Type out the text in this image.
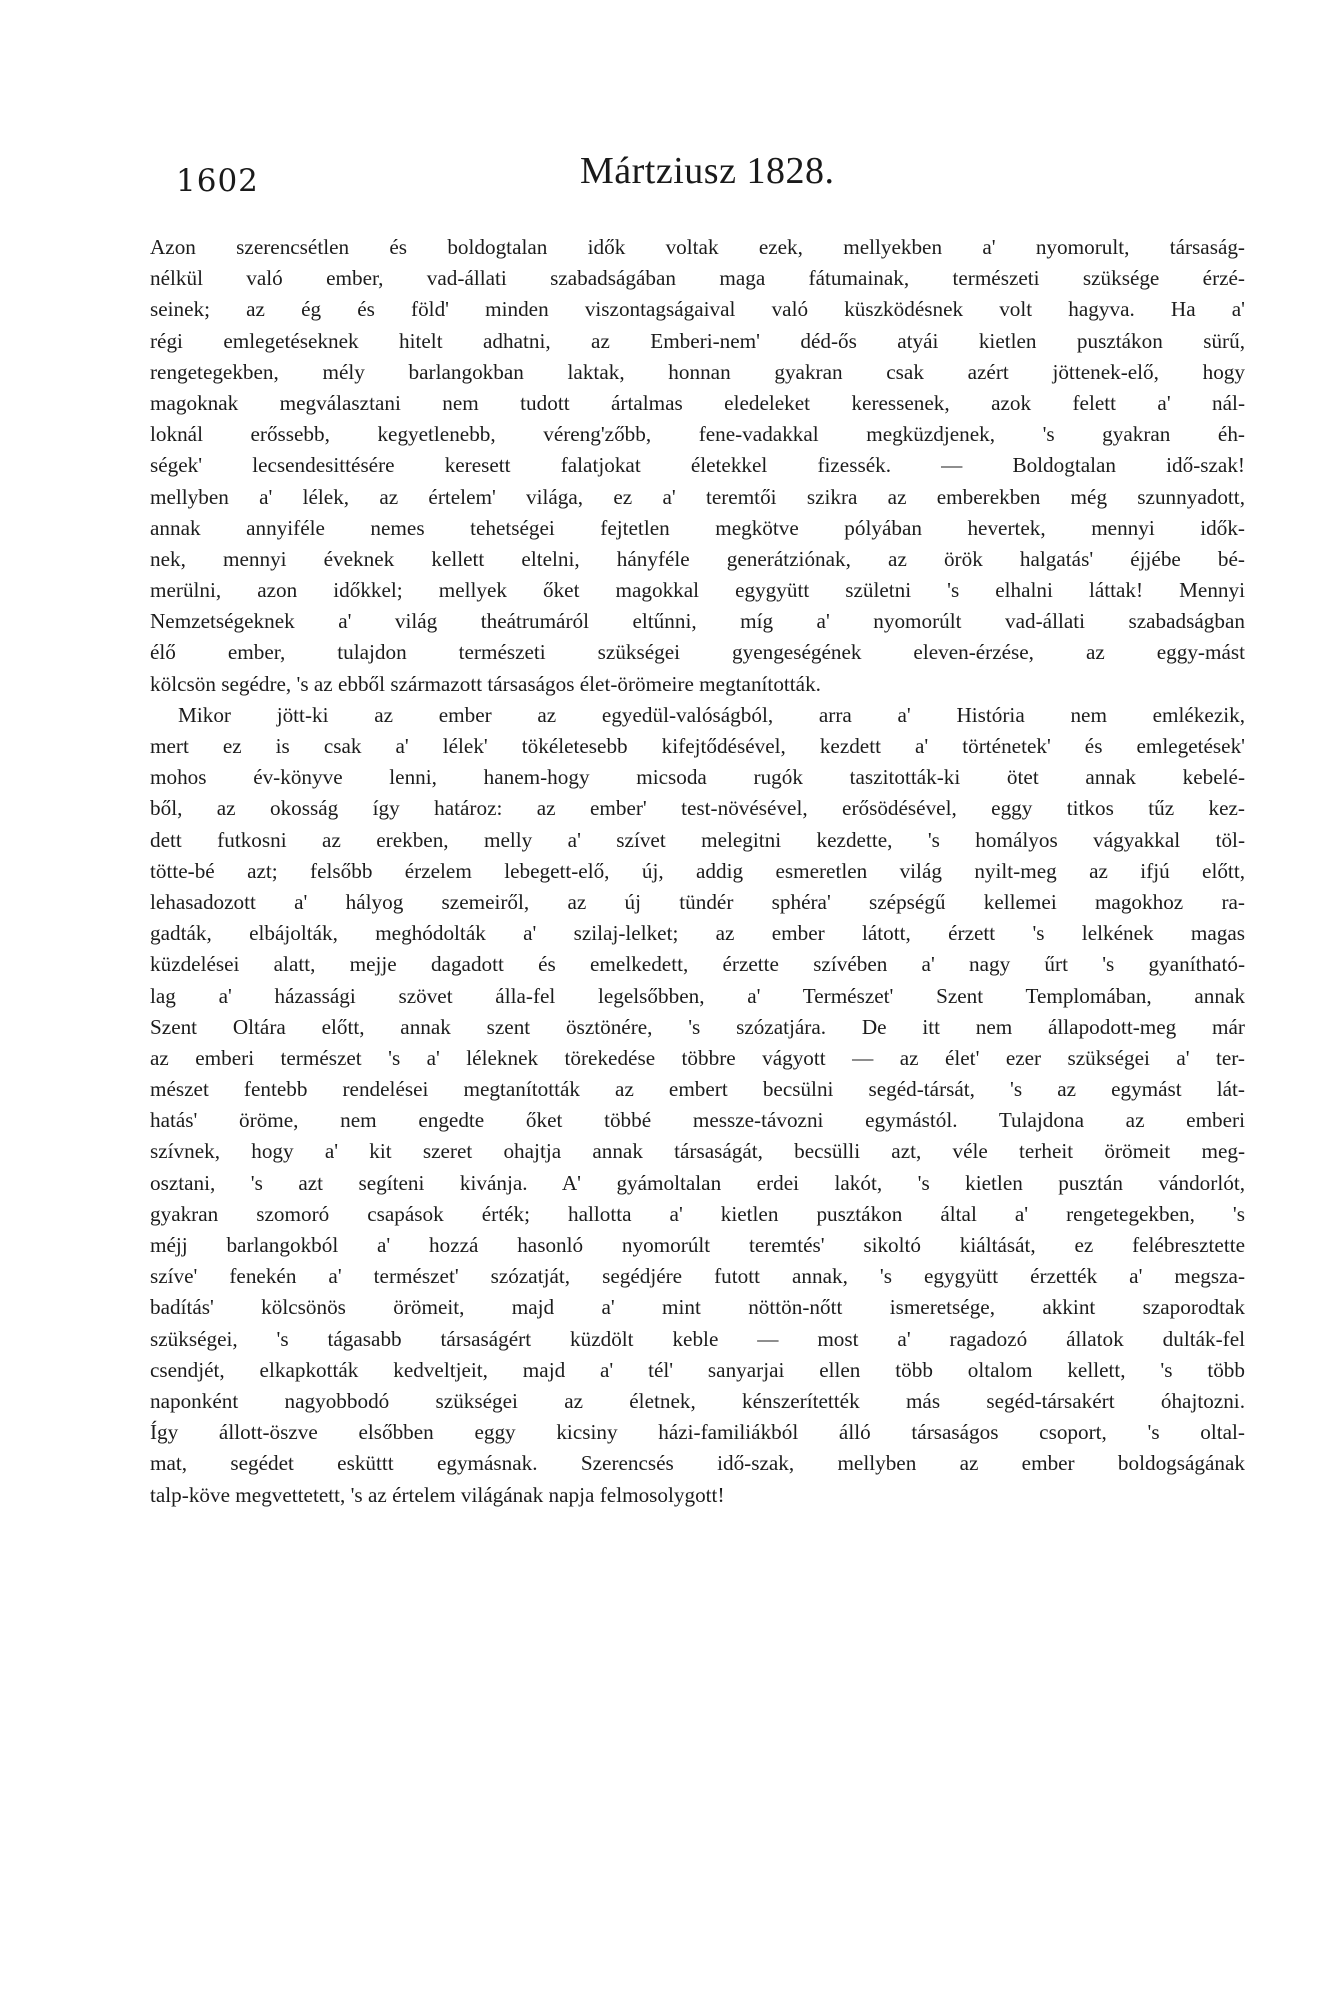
1602	Mártziusz 1828.
Azon szerencsétlen és boldogtalan idők voltak ezek, mellyekben a' nyomorult, társaság-
nélkül való ember, vad-állati szabadságában maga fátumainak, természeti szüksége érzé-
seinek; az ég és föld' minden viszontagságaival való küszködésnek volt hagyva. Ha a'
régi emlegetéseknek hitelt adhatni, az Emberi-nem' déd-ős atyái kietlen pusztákon sürű,
rengetegekben, mély barlangokban laktak, honnan gyakran csak azért jöttenek-elő, hogy
magoknak megválasztani nem tudott ártalmas eledeleket keressenek, azok felett a' nál-
loknál erőssebb, kegyetlenebb, véreng'zőbb, fene-vadakkal megküzdjenek, 's gyakran éh-
ségek' lecsendesittésére keresett falatjokat életekkel fizessék. — Boldogtalan idő-szak!
mellyben a' lélek, az értelem' világa, ez a' teremtői szikra az emberekben még szunnyadott,
annak annyiféle nemes tehetségei fejtetlen megkötve pólyában hevertek, mennyi idők-
nek, mennyi éveknek kellett eltelni, hányféle generátziónak, az örök halgatás' éjjébe bé-
merülni, azon időkkel; mellyek őket magokkal egygyütt születni 's elhalni láttak! Mennyi
Nemzetségeknek a' világ theátrumáról eltűnni, míg a' nyomorúlt vad-állati szabadságban
élő ember, tulajdon természeti szükségei gyengeségének eleven-érzése, az eggy-mást
kölcsön segédre, 's az ebből származott társaságos élet-örömeire megtanították.
Mikor jött-ki az ember az egyedül-valóságból, arra a' História nem emlékezik,
mert ez is csak a' lélek' tökéletesebb kifejtődésével, kezdett a' történetek' és emlegetések'
mohos év-könyve lenni, hanem-hogy micsoda rugók taszitották-ki ötet annak kebelé-
ből, az okosság így határoz: az ember' test-növésével, erősödésével, eggy titkos tűz kez-
dett futkosni az erekben, melly a' szívet melegitni kezdette, 's homályos vágyakkal töl-
tötte-bé azt; felsőbb érzelem lebegett-elő, új, addig esmeretlen világ nyilt-meg az ifjú előtt,
lehasadozott a' hályog szemeiről, az új tündér sphéra' szépségű kellemei magokhoz ra-
gadták, elbájolták, meghódolták a' szilaj-lelket; az ember látott, érzett 's lelkének magas
küzdelései alatt, mejje dagadott és emelkedett, érzette szívében a' nagy űrt 's gyanítható-
lag a' házassági szövet álla-fel legelsőbben, a' Természet' Szent Templomában, annak
Szent Oltára előtt, annak szent ösztönére, 's szózatjára. De itt nem állapodott-meg már
az emberi természet 's a' léleknek törekedése többre vágyott — az élet' ezer szükségei a' ter-
mészet fentebb rendelései megtanították az embert becsülni segéd-társát, 's az egymást lát-
hatás' öröme, nem engedte őket többé messze-távozni egymástól. Tulajdona az emberi
szívnek, hogy a' kit szeret ohajtja annak társaságát, becsülli azt, véle terheit örömeit meg-
osztani, 's azt segíteni kivánja. A' gyámoltalan erdei lakót, 's kietlen pusztán vándorlót,
gyakran szomoró csapások érték; hallotta a' kietlen pusztákon által a' rengetegekben, 's
méjj barlangokból a' hozzá hasonló nyomorúlt teremtés' sikoltó kiáltását, ez felébresztette
szíve' fenekén a' természet' szózatját, segédjére futott annak, 's egygyütt érzették a' megsza-
badítás' kölcsönös örömeit, majd a' mint nöttön-nőtt ismeretsége, akkint szaporodtak
szükségei, 's tágasabb társaságért küzdölt keble — most a' ragadozó állatok dulták-fel
csendjét, elkapkották kedveltjeit, majd a' tél' sanyarjai ellen több oltalom kellett, 's több
naponként nagyobbodó szükségei az életnek, kénszerítették más segéd-társakért óhajtozni.
Így állott-öszve elsőbben eggy kicsiny házi-familiákból álló társaságos csoport, 's oltal-
mat, segédet esküttt egymásnak. Szerencsés idő-szak, mellyben az ember boldogságának
talp-köve megvettetett, 's az értelem világának napja felmosolygott!
